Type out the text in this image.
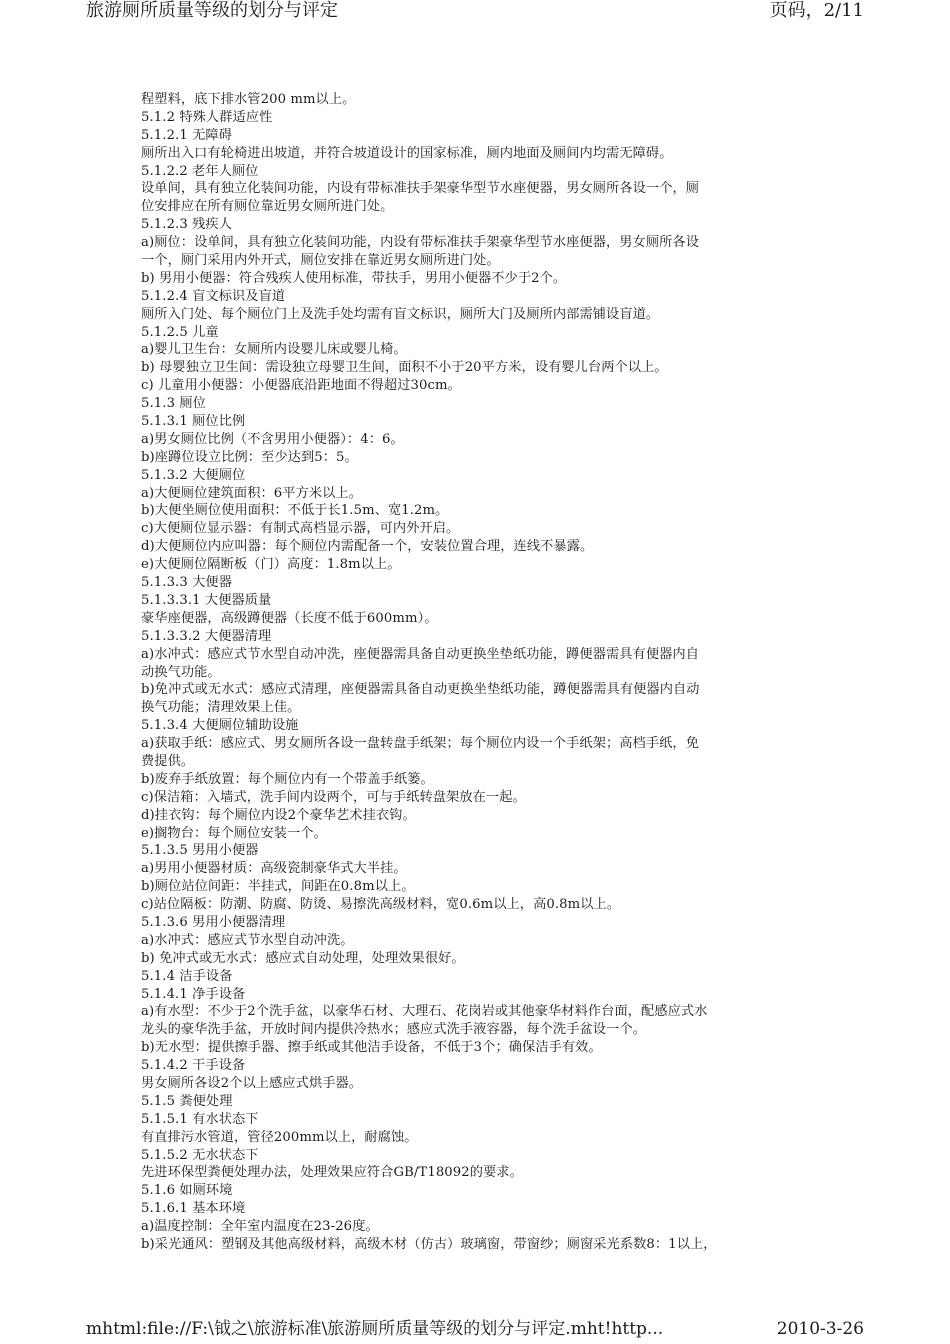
旅游厕所质量等级的划分与评定	页码，2/11
程塑料，底下排水管200 mm以上。
5.1.2 特殊人群适应性
5.1.2.1 无障碍
厕所出入口有轮椅进出坡道，并符合坡道设计的国家标准，厕内地面及厕间内均需无障碍。
5.1.2.2 老年人厕位
设单间，具有独立化装间功能，内设有带标准扶手架豪华型节水座便器，男女厕所各设一个，厕
位安排应在所有厕位靠近男女厕所进门处。
5.1.2.3 残疾人
a)厕位：设单间，具有独立化装间功能，内设有带标准扶手架豪华型节水座便器，男女厕所各设
一个，厕门采用内外开式，厕位安排在靠近男女厕所进门处。
b) 男用小便器：符合残疾人使用标准，带扶手，男用小便器不少于2个。
5.1.2.4 盲文标识及盲道
厕所入门处、每个厕位门上及洗手处均需有盲文标识，厕所大门及厕所内部需铺设盲道。
5.1.2.5 儿童
a)婴儿卫生台：女厕所内设婴儿床或婴儿椅。
b) 母婴独立卫生间：需设独立母婴卫生间，面积不小于20平方米，设有婴儿台两个以上。
c) 儿童用小便器：小便器底沿距地面不得超过30cm。
5.1.3 厕位
5.1.3.1 厕位比例
a)男女厕位比例（不含男用小便器）：4：6。
b)座蹲位设立比例：至少达到5：5。
5.1.3.2 大便厕位
a)大便厕位建筑面积：6平方米以上。
b)大便坐厕位使用面积：不低于长1.5m、宽1.2m。
c)大便厕位显示器：有制式高档显示器，可内外开启。
d)大便厕位内应叫器：每个厕位内需配备一个，安装位置合理，连线不暴露。
e)大便厕位隔断板（门）高度：1.8m以上。
5.1.3.3 大便器
5.1.3.3.1 大便器质量
豪华座便器，高级蹲便器（长度不低于600mm）。
5.1.3.3.2 大便器清理
a)水冲式：感应式节水型自动冲洗，座便器需具备自动更换坐垫纸功能，蹲便器需具有便器内自
动换气功能。
b)免冲式或无水式：感应式清理，座便器需具备自动更换坐垫纸功能，蹲便器需具有便器内自动
换气功能；清理效果上佳。
5.1.3.4 大便厕位辅助设施
a)获取手纸：感应式、男女厕所各设一盘转盘手纸架；每个厕位内设一个手纸架；高档手纸，免
费提供。
b)废弃手纸放置：每个厕位内有一个带盖手纸篓。
c)保洁箱：入墙式，洗手间内设两个，可与手纸转盘架放在一起。
d)挂衣钩：每个厕位内设2个豪华艺术挂衣钩。
e)搁物台：每个厕位安装一个。
5.1.3.5 男用小便器
a)男用小便器材质：高级瓷制豪华式大半挂。
b)厕位站位间距：半挂式，间距在0.8m以上。
c)站位隔板：防潮、防腐、防烫、易擦洗高级材料，宽0.6m以上，高0.8m以上。
5.1.3.6 男用小便器清理
a)水冲式：感应式节水型自动冲洗。
b) 免冲式或无水式：感应式自动处理，处理效果很好。
5.1.4 洁手设备
5.1.4.1 净手设备
a)有水型：不少于2个洗手盆，以豪华石材、大理石、花岗岩或其他豪华材料作台面，配感应式水
龙头的豪华洗手盆，开放时间内提供冷热水；感应式洗手液容器，每个洗手盆设一个。
b)无水型：提供擦手器、擦手纸或其他洁手设备，不低于3个；确保洁手有效。
5.1.4.2 干手设备
男女厕所各设2个以上感应式烘手器。
5.1.5 粪便处理
5.1.5.1 有水状态下
有直排污水管道，管径200mm以上，耐腐蚀。
5.1.5.2 无水状态下
先进环保型粪便处理办法，处理效果应符合GB/T18092的要求。
5.1.6 如厕环境
5.1.6.1 基本环境
a)温度控制：全年室内温度在23-26度。
b)采光通风：塑钢及其他高级材料，高级木材（仿古）玻璃窗，带窗纱；厕窗采光系数8：1以上，
mhtml:file://F:\钺之\旅游标准\旅游厕所质量等级的划分与评定.mht!http...	2010-3-26
